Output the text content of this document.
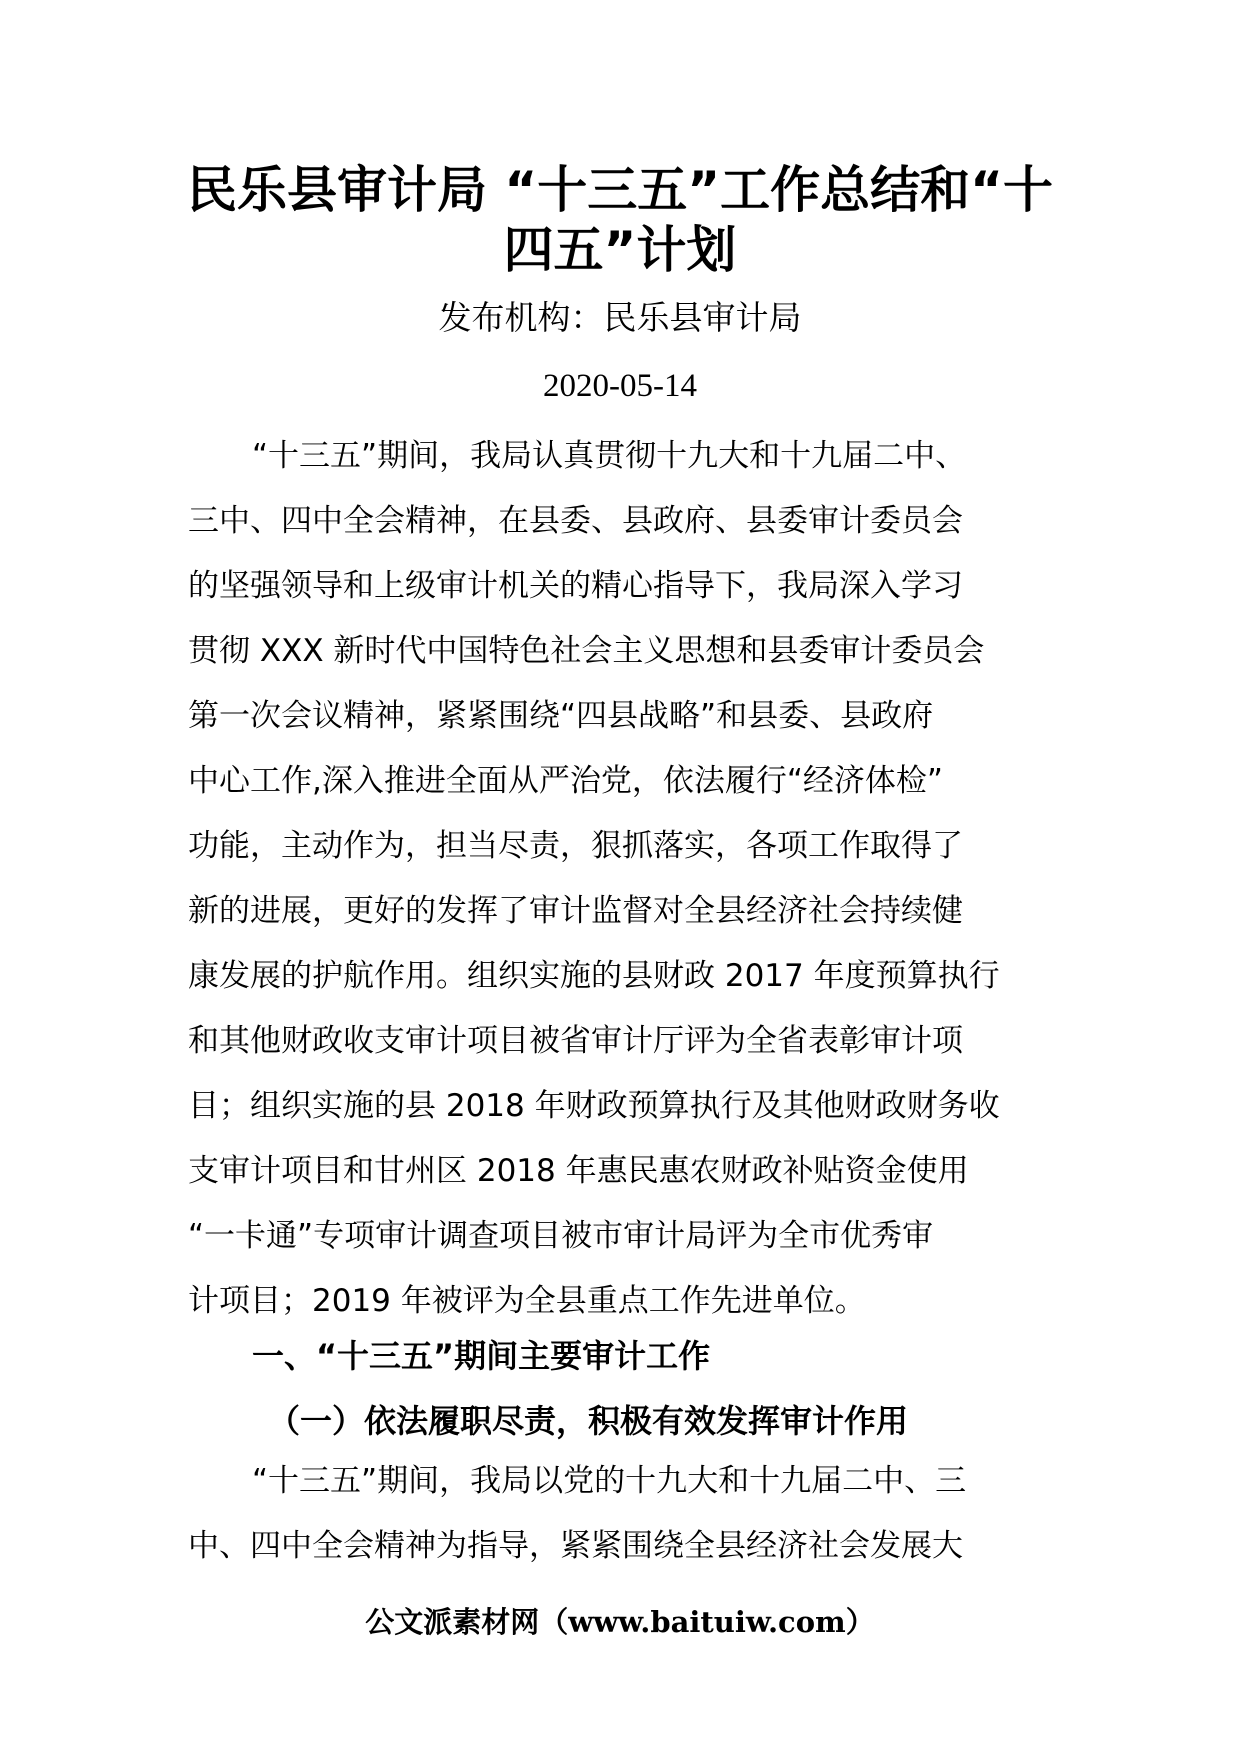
民乐县审计局 “十三五”工作总结和“十
四五”计划
发布机构：民乐县审计局
2020-05-14
“十三五”期间，我局认真贯彻十九大和十九届二中、
三中、四中全会精神，在县委、县政府、县委审计委员会
的坚强领导和上级审计机关的精心指导下，我局深入学习
贯彻 XXX 新时代中国特色社会主义思想和县委审计委员会
第一次会议精神，紧紧围绕“四县战略”和县委、县政府
中心工作,深入推进全面从严治党，依法履行“经济体检”
功能，主动作为，担当尽责，狠抓落实，各项工作取得了
新的进展，更好的发挥了审计监督对全县经济社会持续健
康发展的护航作用。组织实施的县财政 2017 年度预算执行
和其他财政收支审计项目被省审计厅评为全省表彰审计项
目；组织实施的县 2018 年财政预算执行及其他财政财务收
支审计项目和甘州区 2018 年惠民惠农财政补贴资金使用
“一卡通”专项审计调查项目被市审计局评为全市优秀审
计项目；2019 年被评为全县重点工作先进单位。
一、“十三五”期间主要审计工作
（一）依法履职尽责，积极有效发挥审计作用
“十三五”期间，我局以党的十九大和十九届二中、三
中、四中全会精神为指导，紧紧围绕全县经济社会发展大
公文派素材网（www.baituiw.com）
